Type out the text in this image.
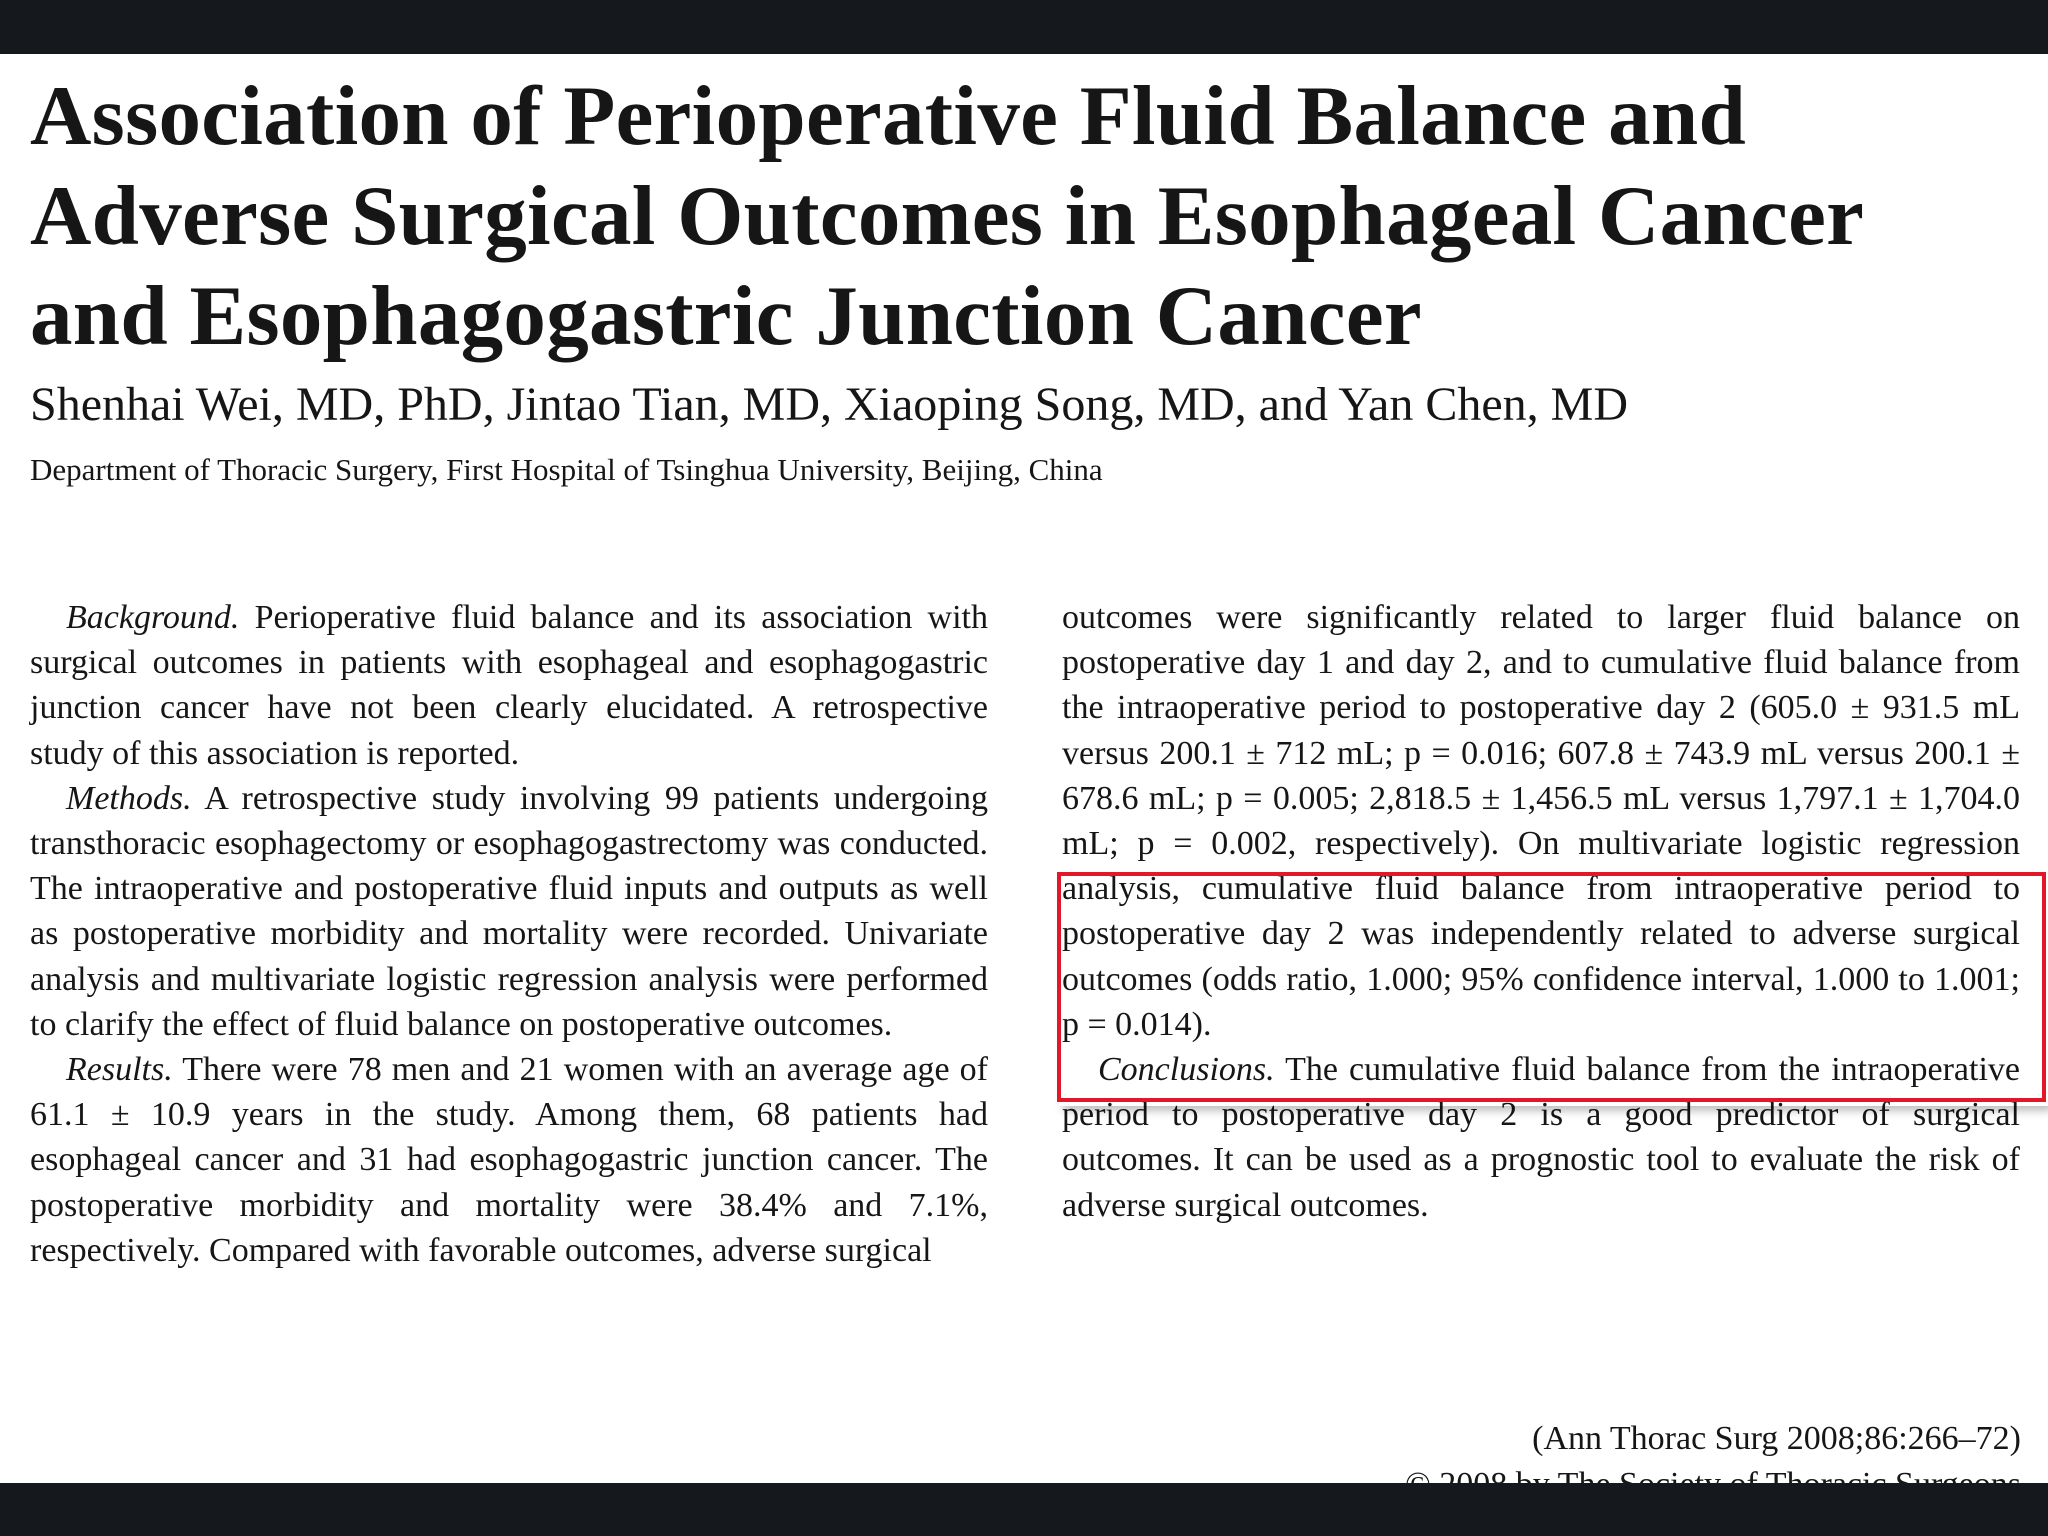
Association of Perioperative Fluid Balance and
Adverse Surgical Outcomes in Esophageal Cancer
and Esophagogastric Junction Cancer
Shenhai Wei, MD, PhD, Jintao Tian, MD, Xiaoping Song, MD, and Yan Chen, MD
Department of Thoracic Surgery, First Hospital of Tsinghua University, Beijing, China

Background. Perioperative fluid balance and its association with surgical outcomes in patients with esophageal and esophagogastric junction cancer have not been clearly elucidated. A retrospective study of this association is reported.

Methods. A retrospective study involving 99 patients undergoing transthoracic esophagectomy or esophagogastrectomy was conducted. The intraoperative and postoperative fluid inputs and outputs as well as postoperative morbidity and mortality were recorded. Univariate analysis and multivariate logistic regression analysis were performed to clarify the effect of fluid balance on postoperative outcomes.

Results. There were 78 men and 21 women with an average age of 61.1 ± 10.9 years in the study. Among them, 68 patients had esophageal cancer and 31 had esophagogastric junction cancer. The postoperative morbidity and mortality were 38.4% and 7.1%, respectively. Compared with favorable outcomes, adverse surgical

outcomes were significantly related to larger fluid balance on postoperative day 1 and day 2, and to cumulative fluid balance from the intraoperative period to postoperative day 2 (605.0 ± 931.5 mL versus 200.1 ± 712 mL; p = 0.016; 607.8 ± 743.9 mL versus 200.1 ± 678.6 mL; p = 0.005; 2,818.5 ± 1,456.5 mL versus 1,797.1 ± 1,704.0 mL; p = 0.002, respectively). On multivariate logistic regression analysis, cumulative fluid balance from intraoperative period to postoperative day 2 was independently related to adverse surgical outcomes (odds ratio, 1.000; 95% confidence interval, 1.000 to 1.001; p = 0.014).

Conclusions. The cumulative fluid balance from the intraoperative period to postoperative day 2 is a good predictor of surgical outcomes. It can be used as a prognostic tool to evaluate the risk of adverse surgical outcomes.

(Ann Thorac Surg 2008;86:266–72)
